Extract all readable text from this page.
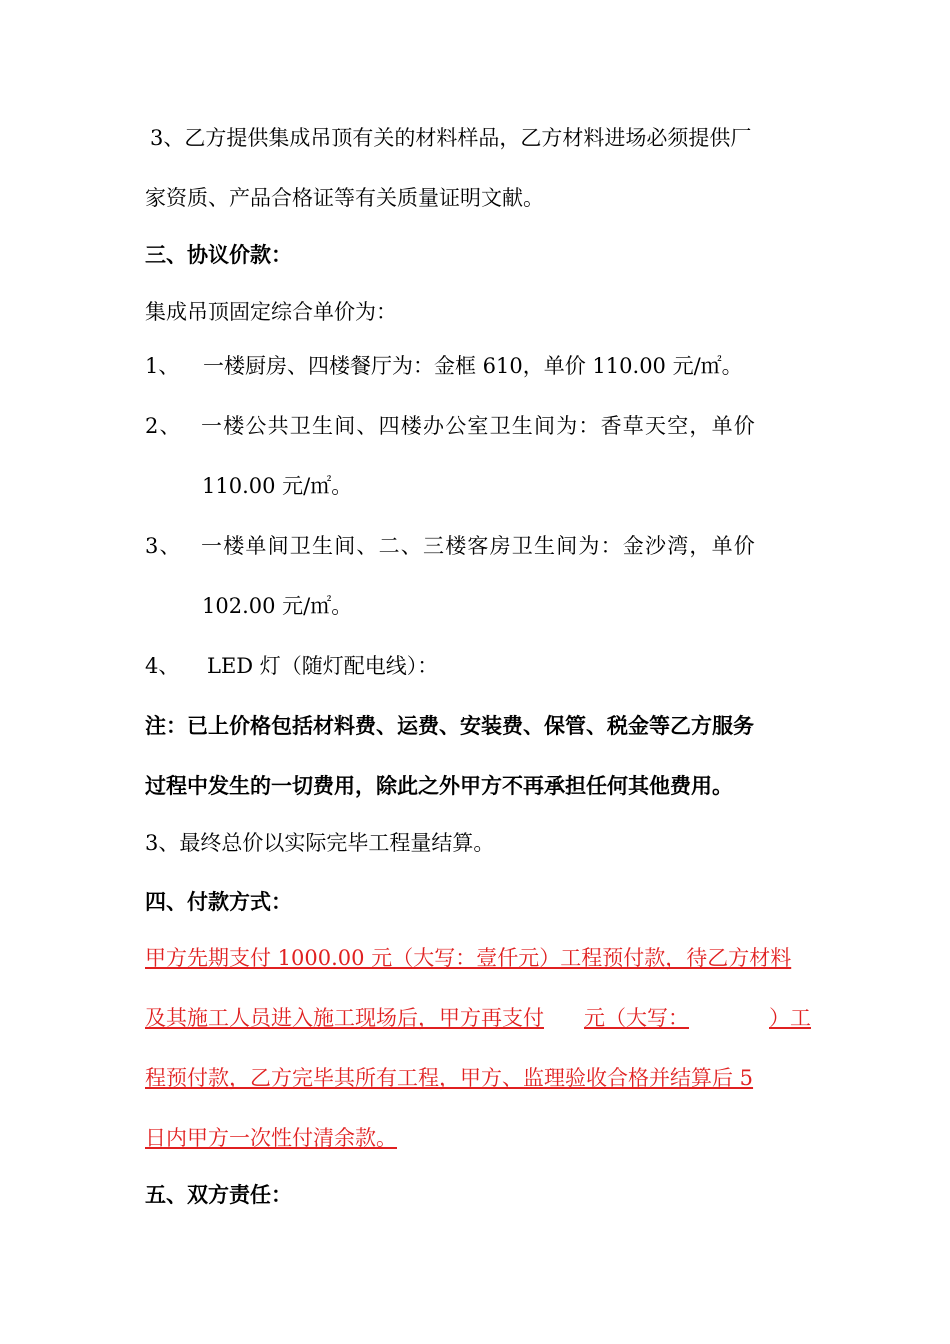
3、乙方提供集成吊顶有关的材料样品，乙方材料进场必须提供厂
家资质、产品合格证等有关质量证明文献。
三、协议价款：
集成吊顶固定综合单价为：
1、 一楼厨房、四楼餐厅为：金框 610，单价 110.00 元/㎡。
2、 一楼公共卫生间、四楼办公室卫生间为：香草天空，单价
110.00 元/㎡。
3、 一楼单间卫生间、二、三楼客房卫生间为：金沙湾，单价
102.00 元/㎡。
4、 LED 灯（随灯配电线）：
注：已上价格包括材料费、运费、安装费、保管、税金等乙方服务
过程中发生的一切费用，除此之外甲方不再承担任何其他费用。
3、最终总价以实际完毕工程量结算。
四、付款方式：
甲方先期支付 1000.00 元（大写：壹仟元）工程预付款，待乙方材料
及其施工人员进入施工现场后，甲方再支付 元（大写：	）工
程预付款，乙方完毕其所有工程，甲方、监理验收合格并结算后 5
日内甲方一次性付清余款。
五、双方责任：
